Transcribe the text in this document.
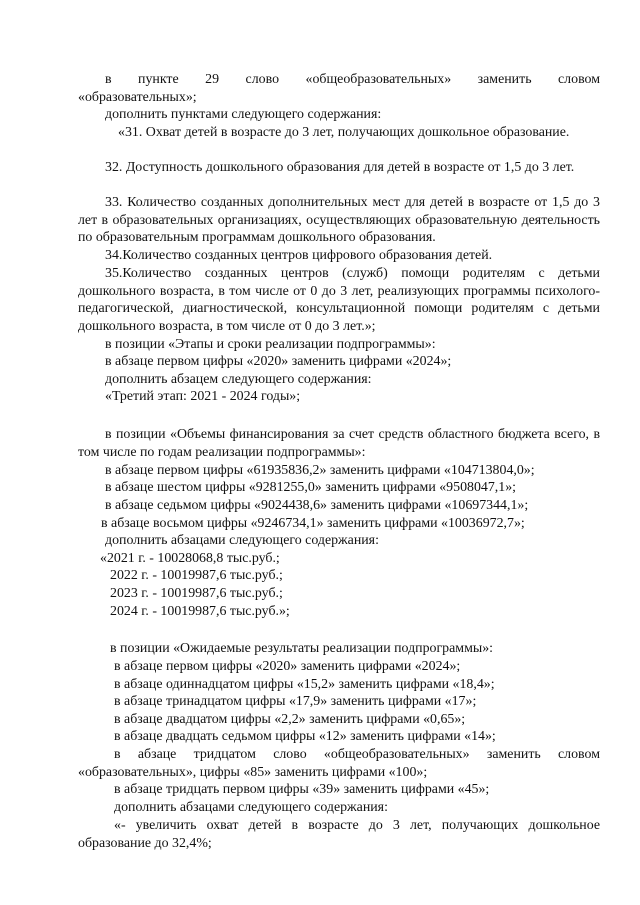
в пункте 29 слово «общеобразовательных» заменить словом

«образовательных»;

дополнить пунктами следующего содержания:

«31. Охват детей в возрасте до 3 лет, получающих дошкольное образование.

32. Доступность дошкольного образования для детей в возрасте от 1,5 до 3 лет.

33. Количество созданных дополнительных мест для детей в возрасте от 1,5 до 3 лет в образовательных организациях, осуществляющих образовательную деятельность по образовательным программам дошкольного образования.

34.Количество созданных центров цифрового образования детей.

35.Количество созданных центров (служб) помощи родителям с детьми дошкольного возраста, в том числе от 0 до 3 лет, реализующих программы психолого-педагогической, диагностической, консультационной помощи родителям с детьми дошкольного возраста, в том числе от 0 до 3 лет.»;

в позиции «Этапы и сроки реализации подпрограммы»:

в абзаце первом цифры «2020» заменить цифрами «2024»;

дополнить абзацем следующего содержания:

«Третий этап: 2021 - 2024 годы»;

в позиции «Объемы финансирования за счет средств областного бюджета всего, в том числе по годам реализации подпрограммы»:

в абзаце первом цифры «61935836,2» заменить цифрами «104713804,0»;

в абзаце шестом цифры «9281255,0» заменить цифрами «9508047,1»;

в абзаце седьмом цифры «9024438,6» заменить цифрами «10697344,1»;

в абзаце восьмом цифры «9246734,1» заменить цифрами «10036972,7»;

дополнить абзацами следующего содержания:

«2021 г. - 10028068,8 тыс.руб.;

2022 г. - 10019987,6 тыс.руб.;

2023 г. - 10019987,6 тыс.руб.;

2024 г. - 10019987,6 тыс.руб.»;

в позиции «Ожидаемые результаты реализации подпрограммы»:

в абзаце первом цифры «2020» заменить цифрами «2024»;

в абзаце одиннадцатом цифры «15,2» заменить цифрами «18,4»;

в абзаце тринадцатом цифры «17,9» заменить цифрами «17»;

в абзаце двадцатом цифры «2,2» заменить цифрами «0,65»;

в абзаце двадцать седьмом цифры «12» заменить цифрами «14»;

в абзаце тридцатом слово «общеобразовательных» заменить словом «образовательных», цифры «85» заменить цифрами «100»;

в абзаце тридцать первом цифры «39» заменить цифрами «45»;

дополнить абзацами следующего содержания:

«- увеличить охват детей в возрасте до 3 лет, получающих дошкольное образование до 32,4%;
